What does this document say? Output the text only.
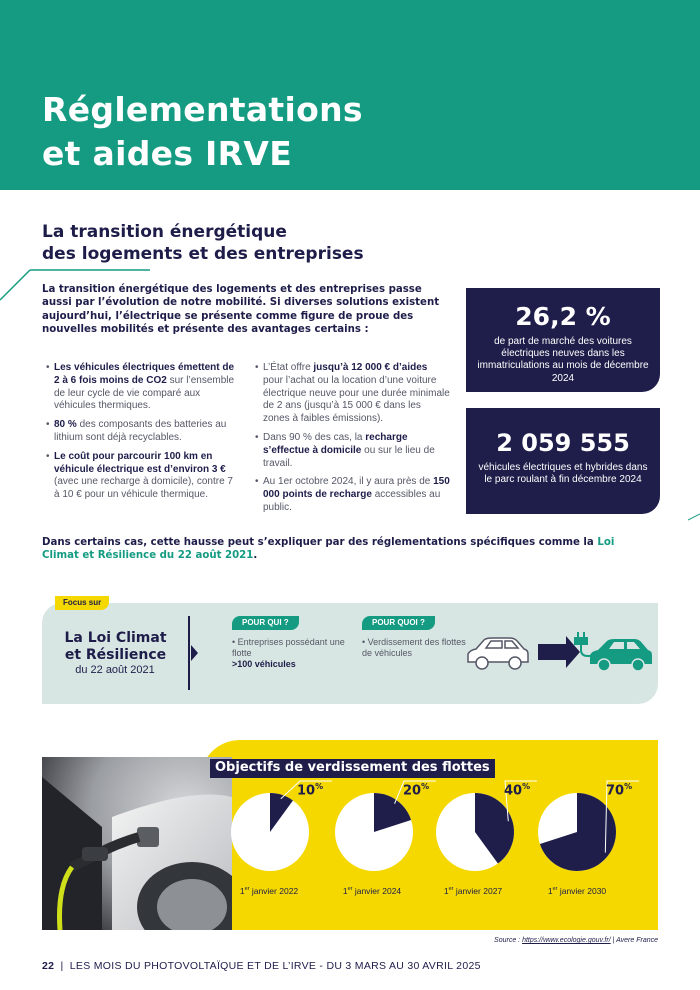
Réglementations
et aides IRVE
La transition énergétique
des logements et des entreprises

La transition énergétique des logements et des entreprises passe aussi par l’évolution de notre mobilité. Si diverses solutions existent aujourd’hui, l’électrique se présente comme figure de proue des nouvelles mobilités et présente des avantages certains :

• Les véhicules électriques émettent de 2 à 6 fois moins de CO2 sur l’ensemble de leur cycle de vie comparé aux véhicules thermiques.
• 80 % des composants des batteries au lithium sont déjà recyclables.
• Le coût pour parcourir 100 km en véhicule électrique est d’environ 3 € (avec une recharge à domicile), contre 7 à 10 € pour un véhicule thermique.
• L’État offre jusqu’à 12 000 € d’aides pour l’achat ou la location d’une voiture électrique neuve pour une durée minimale de 2 ans (jusqu’à 15 000 € dans les zones à faibles émissions).
• Dans 90 % des cas, la recharge s’effectue à domicile ou sur le lieu de travail.
• Au 1er octobre 2024, il y aura près de 150 000 points de recharge accessibles au public.
26,2 %
de part de marché des voitures électriques neuves dans les immatriculations au mois de décembre 2024
2 059 555
véhicules électriques et hybrides dans le parc roulant à fin décembre 2024

Dans certains cas, cette hausse peut s’expliquer par des réglementations spécifiques comme la Loi Climat et Résilience du 22 août 2021.

Focus sur
La Loi Climat
et Résilience
du 22 août 2021
POUR QUI ?
• Entreprises possédant une flotte
>100 véhicules
POUR QUOI ?
• Verdissement des flottes de véhicules
Objectifs de verdissement des flottes
10%	20%	40%	70%
1er janvier 2022	1er janvier 2024	1er janvier 2027	1er janvier 2030
Source : https://www.ecologie.gouv.fr/ | Avere France
22 | LES MOIS DU PHOTOVOLTAÏQUE ET DE L’IRVE - DU 3 MARS AU 30 AVRIL 2025
